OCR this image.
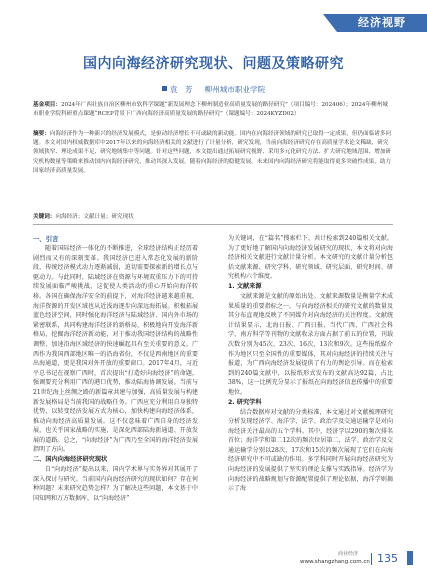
经济视野
国内向海经济研究现状、问题及策略研究
袁　芳 柳州城市职业学院
基金项目：2024年广西壮族自治区柳州市软科学课题“新发展理念下柳州制造业高质量发展的路径研究”（项目编号：202406）；2024年柳州城市职业学院科研重点课题“RCEP背景下广西向海经济高质量发展的路径研究”（课题编号：2024KYZD02）
摘要：向海经济作为一种新兴的经济发展模式，是驱动经济增长不可或缺的新动能。国内在向海经济领域的研究已取得一定成果，但仍面临诸多问题。本文对国内权威数据库中2017年以来的向海经济相关的文献进行了计量分析，研究发现，当前向海经济研究存在高质量学术论文稀缺、研究领域狭窄、理论成果不足、研究地域集中等问题。针对这些问题，本文提出通过拓展研究视野、采用多元化研究方法、扩大研究地域范围、增加研究机构数量等策略来推动国内向海经济研究，推动其深入发展。随着向海经济的稳健发展，未来国内向海经济研究将能取得更多突破性成果，助力国家经济高质量发展。
关键词：向海经济；文献计量；研究现状
一、引言

随着国际经济一体化的不断推进，全球经济结构正经历着剧烈而又有的深刻变革。我国经济已进入常态化发展的新阶段，传统经济模式动力逐渐减弱，迫切需要探索新的增长点与驱动力。与此同时，陆域经济在资源与环境双重压力下的可持续发展面临严峻挑战，这促使人类活动的重心开始向海洋转移。各国在确保海洋安全的前提下，对海洋经济越来越重视，海洋资源的开发区域也从近浅海逐步向深远海拓展。积极拓展蓝色经济空间，同时强化海洋经济与陆域经济、国内外市场的紧密联系，共同构建海洋经济的新格局，积极地向开发海洋新格局，挖掘海洋经济新动能，对于推动我国经济结构的战略性调整、加速沿海区域经济的快速崛起具有至关重要的意义。广西作为我国西部地区唯一的沿海省份，不仅是西南地区的重要出海通道，更是我国对外开放的重要窗口。2017年4月，习近平总书记在视察广西时，首次提出“打造好向海经济”的命题，强调要充分利用广西的港口优势，推动陆海协调发展。当前与21世纪海上丝绸之路的新篇章共建与加强，高质量发展与构建新发展格局是当前我国的战略任务。广西应充分利用自身独特优势，以转变经济发展方式为核心，加快构建向海经济体系，推动向海经济高质量发展。这不仅意味着广西自身的经济发展，也关乎国家战略的实施，是深化西部陆海新通道、开放发展的道路。总之，“向海经济”为广西乃至全国的海洋经济发展指明了方向。

二、国内向海经济研究现状

自“向海经济”提出以来，国内学术界与实务界对其展开了深入探讨与研究。当前国内向海经济研究的现状如何？存在何种问题？未来研究趋势怎样？为了解决这些问题，本文基于中国知网和万方数据库，以“向海经济”

为关键词，在“篇名”搜索栏下，共计检索到240篇相关文献。为了更好地了解国内向海经济发展研究的现状，本文将对向海经济相关文献进行文献计量分析。本文研究的文献计量分析包括文献来源、研究学科、研究领域、研究层面、研究时间、研究机构六个维度。

1. 文献来源

文献来源是文献的原始出处。文献来源数量是衡量学术成果质量的重要指标之一。与向海经济相关的研究文献的数量及其分布直观地反映了不同媒介对向海经济的关注程度。文献统计结果显示，北海日报、广西日报、当代广西、广西社会科学、南方科学等刊物的文献收录方面占据了前五的位置，刊载次数分别为45次、23次、16次、13次和9次。这些报纸媒介作为地区只至全国性的重要媒体，其对向海经济的持续关注与报道，为广西向海经济发展提供了有力的舆论引导。而在检索到的240篇文献中，以报纸形式发布的文献高达92篇，占比38%，这一比例充分显示了报纸在向海经济信息传播中的重要地位。

2. 研究学科

结合数据库对文献的分类标准，本文通过对文献梳理研究分析发现经济学、海洋学、法学、政治学及交通运输学是对向海经济关注最高的五个学科。其中，经济学以290的频次排名首位；海洋学和第二12次的频次位居第二，法学、政治学及交通运输学分别以28次、17次和15次的频次展现了它们在向海经济研究中不可或缺的作用。多学科同时开展向海经济研究为向海经济的发展提供了坚实的理论支撑与实践指导。经济学为向海经济的战略规划与资源配置提供了理论依据，海洋学则揭示了海

商业经济
www.shangzhang.com.cn 135
